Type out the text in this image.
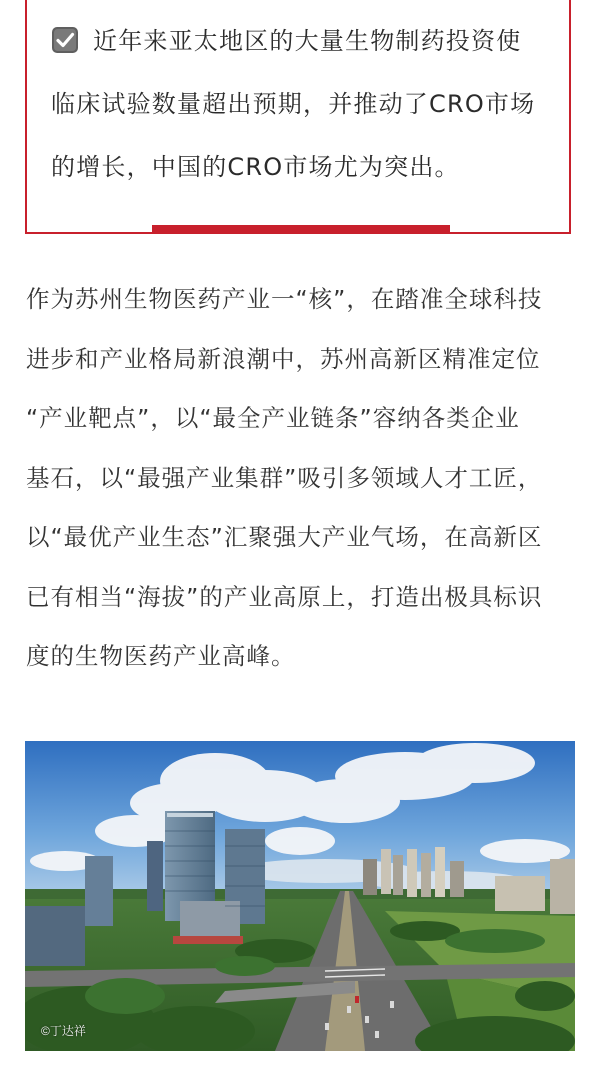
近年来亚太地区的大量生物制药投资使
临床试验数量超出预期，并推动了CRO市场
的增长，中国的CRO市场尤为突出。
作为苏州生物医药产业一“核”，在踏准全球科技
进步和产业格局新浪潮中，苏州高新区精准定位
“产业靶点”，以“最全产业链条”容纳各类企业
基石，以“最强产业集群”吸引多领域人才工匠，
以“最优产业生态”汇聚强大产业气场，在高新区
已有相当“海拔”的产业高原上，打造出极具标识
度的生物医药产业高峰。
©丁达祥
